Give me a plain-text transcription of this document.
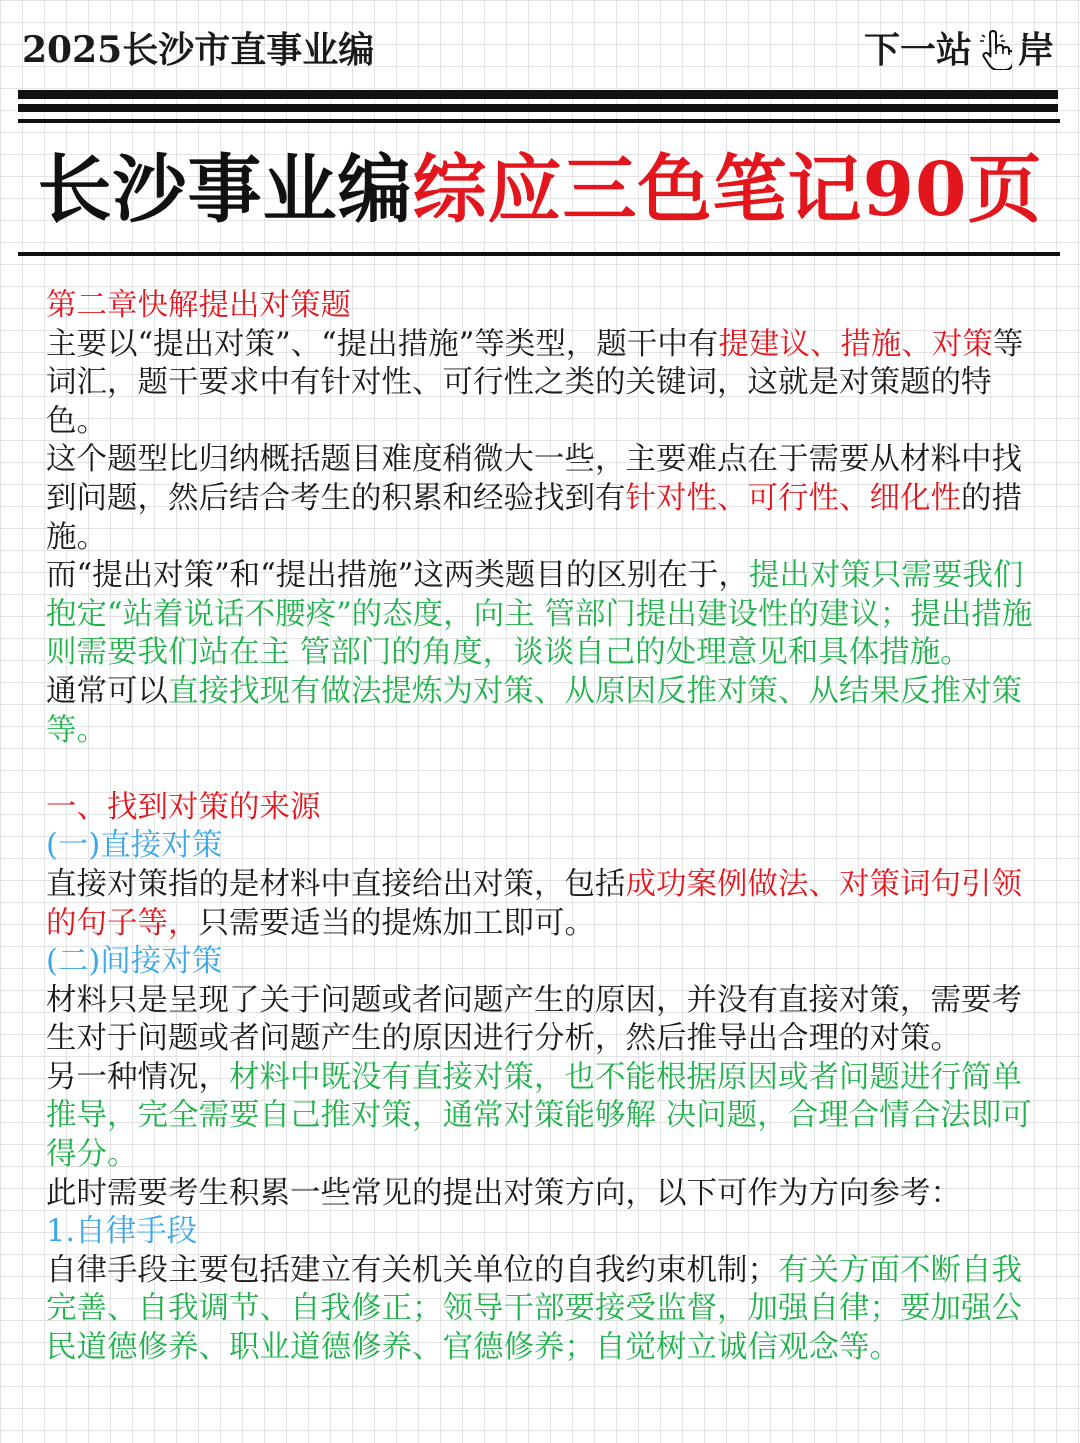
2025长沙市直事业编	下一站 岸
长沙事业编综应三色笔记90页

第二章快解提出对策题

主要以“提出对策”、“提出措施”等类型，题干中有提建议、措施、对策等词汇，题干要求中有针对性、可行性之类的关键词，这就是对策题的特色。

这个题型比归纳概括题目难度稍微大一些，主要难点在于需要从材料中找到问题，然后结合考生的积累和经验找到有针对性、可行性、细化性的措施。

而“提出对策”和“提出措施”这两类题目的区别在于，提出对策只需要我们抱定“站着说话不腰疼”的态度，向主 管部门提出建设性的建议；提出措施则需要我们站在主 管部门的角度，谈谈自己的处理意见和具体措施。

通常可以直接找现有做法提炼为对策、从原因反推对策、从结果反推对策等。

一、找到对策的来源

(一)直接对策

直接对策指的是材料中直接给出对策，包括成功案例做法、对策词句引领的句子等，只需要适当的提炼加工即可。

(二)间接对策

材料只是呈现了关于问题或者问题产生的原因，并没有直接对策，需要考生对于问题或者问题产生的原因进行分析，然后推导出合理的对策。

另一种情况，材料中既没有直接对策，也不能根据原因或者问题进行简单推导，完全需要自己推对策，通常对策能够解 决问题，合理合情合法即可得分。

此时需要考生积累一些常见的提出对策方向，以下可作为方向参考：

1.自律手段

自律手段主要包括建立有关机关单位的自我约束机制；有关方面不断自我完善、自我调节、自我修正；领导干部要接受监督，加强自律；要加强公民道德修养、职业道德修养、官德修养；自觉树立诚信观念等。
